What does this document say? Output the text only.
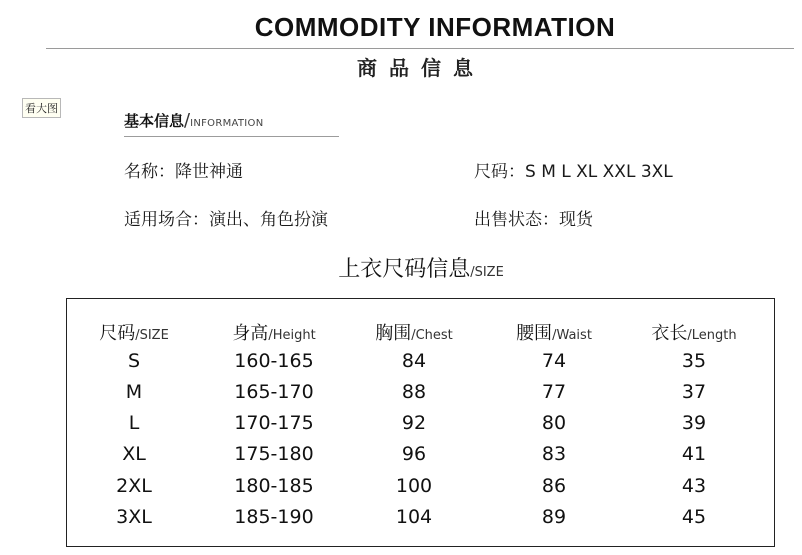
COMMODITY INFORMATION
商品信息
看大图
基本信息/INFORMATION
名称：降世神通	尺码：S M L XL XXL 3XL
适用场合：演出、角色扮演	出售状态：现货
上衣尺码信息/SIZE
尺码/SIZE	身高/Height	胸围/Chest	腰围/Waist	衣长/Length
S	160-165	84	74	35
M	165-170	88	77	37
L	170-175	92	80	39
XL	175-180	96	83	41
2XL	180-185	100	86	43
3XL	185-190	104	89	45
